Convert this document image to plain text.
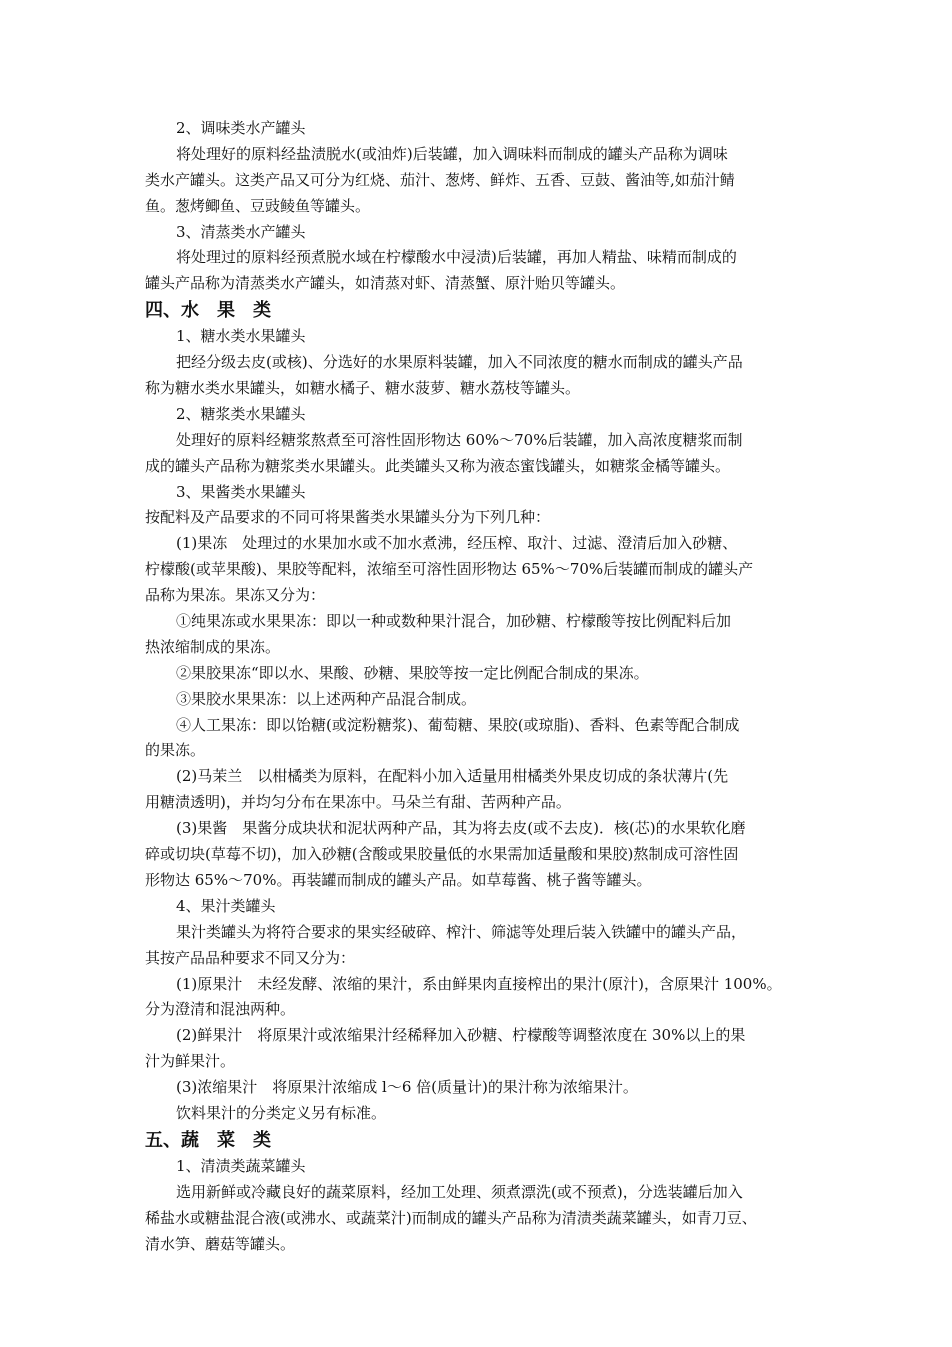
2、调味类水产罐头
将处理好的原料经盐渍脱水(或油炸)后装罐，加入调味料而制成的罐头产品称为调味
类水产罐头。这类产品又可分为红烧、茄汁、葱烤、鲜炸、五香、豆鼓、酱油等,如茄汁鲭
鱼。葱烤鲫鱼、豆豉鲮鱼等罐头。
3、清蒸类水产罐头
将处理过的原料经预煮脱水域在柠檬酸水中浸渍)后装罐，再加人精盐、味精而制成的
罐头产品称为清蒸类水产罐头，如清蒸对虾、清蒸蟹、原汁贻贝等罐头。
四、水　果　类
1、糖水类水果罐头
把经分级去皮(或核)、分选好的水果原料装罐，加入不同浓度的糖水而制成的罐头产品
称为糖水类水果罐头，如糖水橘子、糖水菠萝、糖水荔枝等罐头。
2、糖浆类水果罐头
处理好的原料经糖浆熬煮至可溶性固形物达 60%～70%后装罐，加入高浓度糖浆而制
成的罐头产品称为糖浆类水果罐头。此类罐头又称为液态蜜饯罐头，如糖浆金橘等罐头。
3、果酱类水果罐头
按配料及产品要求的不同可将果酱类水果罐头分为下列几种：
(1)果冻　处理过的水果加水或不加水煮沸，经压榨、取汁、过滤、澄清后加入砂糖、
柠檬酸(或苹果酸)、果胶等配料，浓缩至可溶性固形物达 65%～70%后装罐而制成的罐头产
品称为果冻。果冻又分为：
①纯果冻或水果果冻：即以一种或数种果汁混合，加砂糖、柠檬酸等按比例配料后加
热浓缩制成的果冻。
②果胶果冻“即以水、果酸、砂糖、果胶等按一定比例配合制成的果冻。
③果胶水果果冻：以上述两种产品混合制成。
④人工果冻：即以饴糖(或淀粉糖浆)、葡萄糖、果胶(或琼脂)、香料、色素等配合制成
的果冻。
(2)马茉兰　以柑橘类为原料，在配料小加入适量用柑橘类外果皮切成的条状薄片(先
用糖渍透明)，并均匀分布在果冻中。马朵兰有甜、苦两种产品。
(3)果酱　果酱分成块状和泥状两种产品，其为将去皮(或不去皮)．核(芯)的水果软化磨
碎或切块(草莓不切)，加入砂糖(含酸或果胶量低的水果需加适量酸和果胶)熬制成可溶性固
形物达 65%～70%。再装罐而制成的罐头产品。如草莓酱、桃子酱等罐头。
4、果汁类罐头
果汁类罐头为将符合要求的果实经破碎、榨汁、筛滤等处理后装入铁罐中的罐头产品，
其按产品品种要求不同又分为：
(1)原果汁　未经发酵、浓缩的果汁，系由鲜果肉直接榨出的果汁(原汁)，含原果汁 100%。
分为澄清和混浊两种。
(2)鲜果汁　将原果汁或浓缩果汁经稀释加入砂糖、柠檬酸等调整浓度在 30%以上的果
汁为鲜果汁。
(3)浓缩果汁　将原果汁浓缩成 l～6 倍(质量计)的果汁称为浓缩果汁。
饮料果汁的分类定义另有标准。
五、蔬　菜　类
1、清渍类蔬菜罐头
选用新鲜或冷藏良好的蔬菜原料，经加工处理、须煮漂洗(或不预煮)，分选装罐后加入
稀盐水或糖盐混合液(或沸水、或蔬菜汁)而制成的罐头产品称为清渍类蔬菜罐头，如青刀豆、
清水笋、蘑菇等罐头。
